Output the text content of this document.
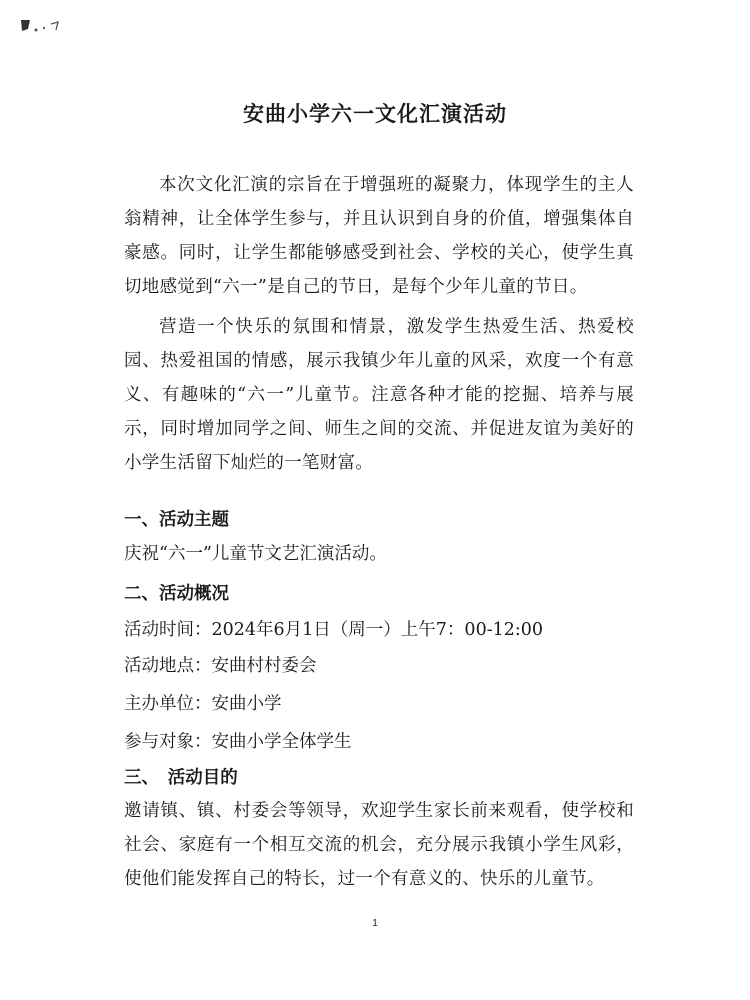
安曲小学六一文化汇演活动
本次文化汇演的宗旨在于增强班的凝聚力，体现学生的主人翁精神，让全体学生参与，并且认识到自身的价值，增强集体自豪感。同时，让学生都能够感受到社会、学校的关心，使学生真切地感觉到“六一”是自己的节日，是每个少年儿童的节日。
营造一个快乐的氛围和情景，激发学生热爱生活、热爱校园、热爱祖国的情感，展示我镇少年儿童的风采，欢度一个有意义、有趣味的“六一”儿童节。注意各种才能的挖掘、培养与展示，同时增加同学之间、师生之间的交流、并促进友谊为美好的小学生活留下灿烂的一笔财富。
一、活动主题
庆祝“六一”儿童节文艺汇演活动。
二、活动概况
活动时间：2024年6月1日（周一）上午7：00-12:00
活动地点：安曲村村委会
主办单位：安曲小学
参与对象：安曲小学全体学生
三、　活动目的
邀请镇、镇、村委会等领导，欢迎学生家长前来观看，使学校和社会、家庭有一个相互交流的机会，充分展示我镇小学生风彩，使他们能发挥自己的特长，过一个有意义的、快乐的儿童节。
1
